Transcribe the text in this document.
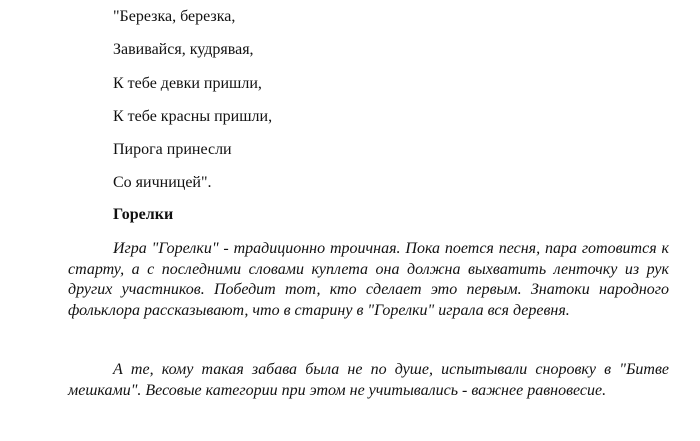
"Березка, березка,
Завивайся, кудрявая,
К тебе девки пришли,
К тебе красны пришли,
Пирога принесли
Со яичницей".
Горелки

Игра "Горелки" - традиционно троичная. Пока поется песня, пара готовится к старту, а с последними словами куплета она должна выхватить ленточку из рук других участников. Победит тот, кто сделает это первым. Знатоки народного фольклора рассказывают, что в старину в "Горелки" играла вся деревня.

А те, кому такая забава была не по душе, испытывали сноровку в "Битве мешками". Весовые категории при этом не учитывались - важнее равновесие.
